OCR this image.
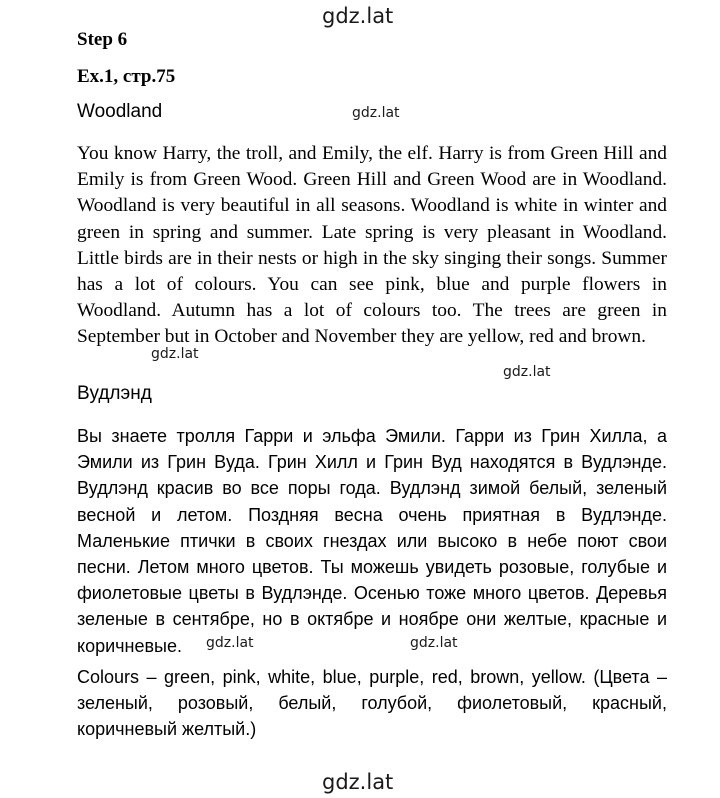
gdz.lat
Step 6
Ex.1, стр.75
Woodland	gdz.lat

You know Harry, the troll, and Emily, the elf. Harry is from Green Hill and Emily is from Green Wood. Green Hill and Green Wood are in Woodland. Woodland is very beautiful in all seasons. Woodland is white in winter and green in spring and summer. Late spring is very pleasant in Woodland. Little birds are in their nests or high in the sky singing their songs. Summer has a lot of colours. You can see pink, blue and purple flowers in Woodland. Autumn has a lot of colours too. The trees are green in September but in October and November they are yellow, red and brown.

gdz.lat
gdz.lat
Вудлэнд

Вы знаете тролля Гарри и эльфа Эмили. Гарри из Грин Хилла, а Эмили из Грин Вуда. Грин Хилл и Грин Вуд находятся в Вудлэнде. Вудлэнд красив во все поры года. Вудлэнд зимой белый, зеленый весной и летом. Поздняя весна очень приятная в Вудлэнде. Маленькие птички в своих гнездах или высоко в небе поют свои песни. Летом много цветов. Ты можешь увидеть розовые, голубые и фиолетовые цветы в Вудлэнде. Осенью тоже много цветов. Деревья зеленые в сентябре, но в октябре и ноябре они желтые, красные и коричневые.	gdz.lat	gdz.lat

Colours – green, pink, white, blue, purple, red, brown, yellow. (Цвета – зеленый, розовый, белый, голубой, фиолетовый, красный, коричневый желтый.)

gdz.lat
